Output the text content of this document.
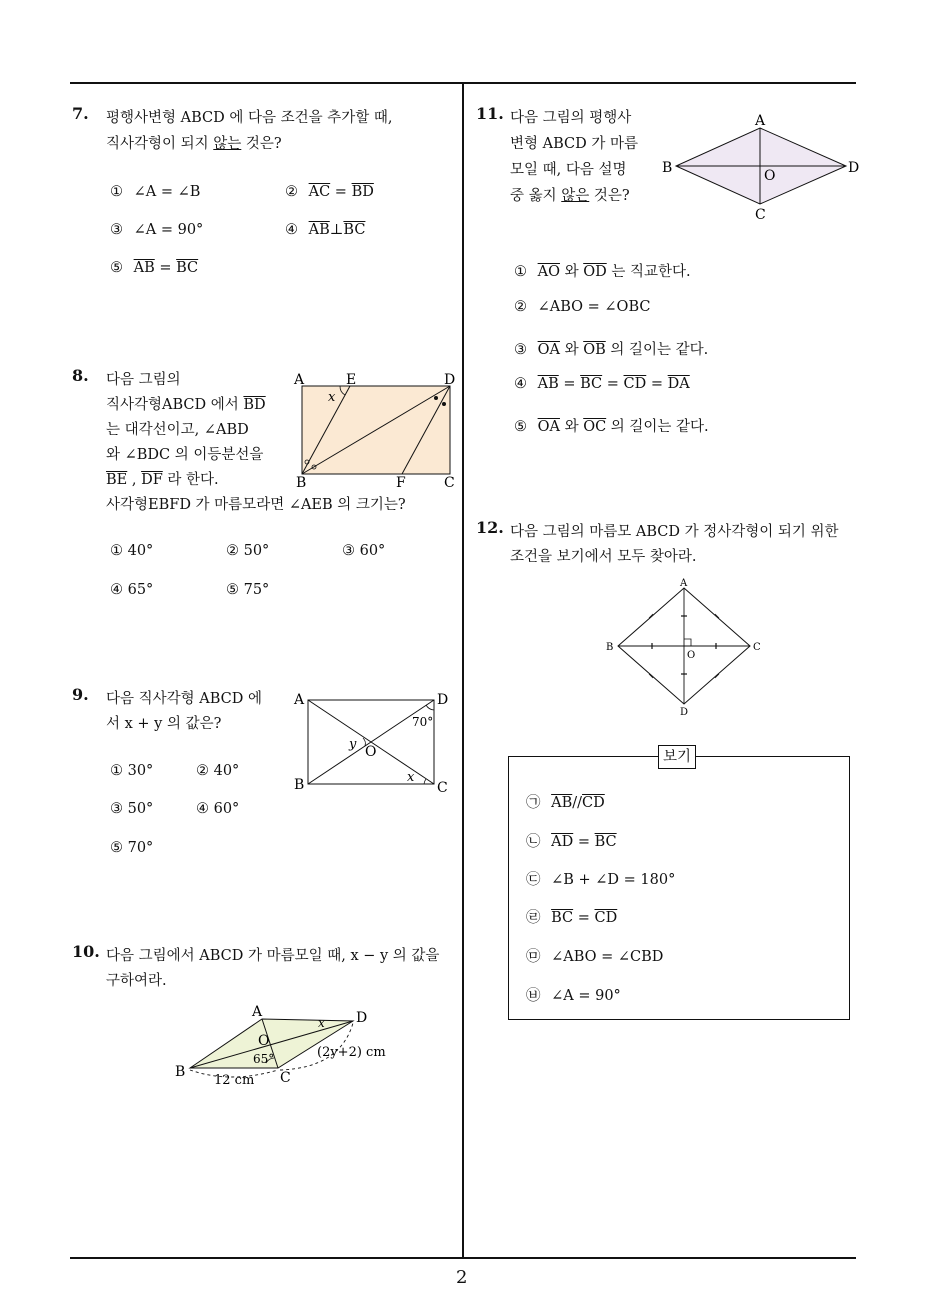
2
7. 평행사변형 ABCD 에 다음 조건을 추가할 때,
직사각형이 되지 않는 것은?
① ∠A = ∠B	② $\overline{AC} = \overline{BD}$
③ ∠A = 90°	④ $\overline{AB}\perp\overline{BC}$
⑤ $\overline{AB} = \overline{BC}$
8. 다음 그림의
직사각형ABCD 에서 $\overline{BD}$
는 대각선이고, ∠ABD
와 ∠BDC 의 이등분선을
$\overline{BE}$ , $\overline{DF}$ 라 한다.
사각형EBFD 가 마름모라면 ∠AEB 의 크기는?
A	E	D
B	F	C
x
① 40°	② 50°	③ 60°
④ 65°	⑤ 75°
9. 다음 직사각형 ABCD 에
서 x + y 의 값은?
A	D
B	C
O
y
x
70°
① 30°	② 40°
③ 50°	④ 60°
⑤ 70°
10. 다음 그림에서 ABCD 가 마름모일 때, x − y 의 값을
구하여라.
A	D
O
B	C
x
65°	(2y+2) cm
12 cm
11. 다음 그림의 평행사
변형 ABCD 가 마름
모일 때, 다음 설명
중 옳지 않은 것은?
A
B	D
C
O
① $\overline{AO}$ 와 $\overline{OD}$ 는 직교한다.
② ∠ABO = ∠OBC
③ $\overline{OA}$ 와 $\overline{OB}$ 의 길이는 같다.
④ $\overline{AB} = \overline{BC} = \overline{CD} = \overline{DA}$
⑤ $\overline{OA}$ 와 $\overline{OC}$ 의 길이는 같다.
12. 다음 그림의 마름모 ABCD 가 정사각형이 되기 위한
조건을 보기에서 모두 찾아라.
A
B	C
D
O
보기
㉠ $\overline{AB}//\overline{CD}$
㉡ $\overline{AD} = \overline{BC}$
㉢ ∠B + ∠D = 180°
㉣ $\overline{BC} = \overline{CD}$
㉤ ∠ABO = ∠CBD
㉥ ∠A = 90°
